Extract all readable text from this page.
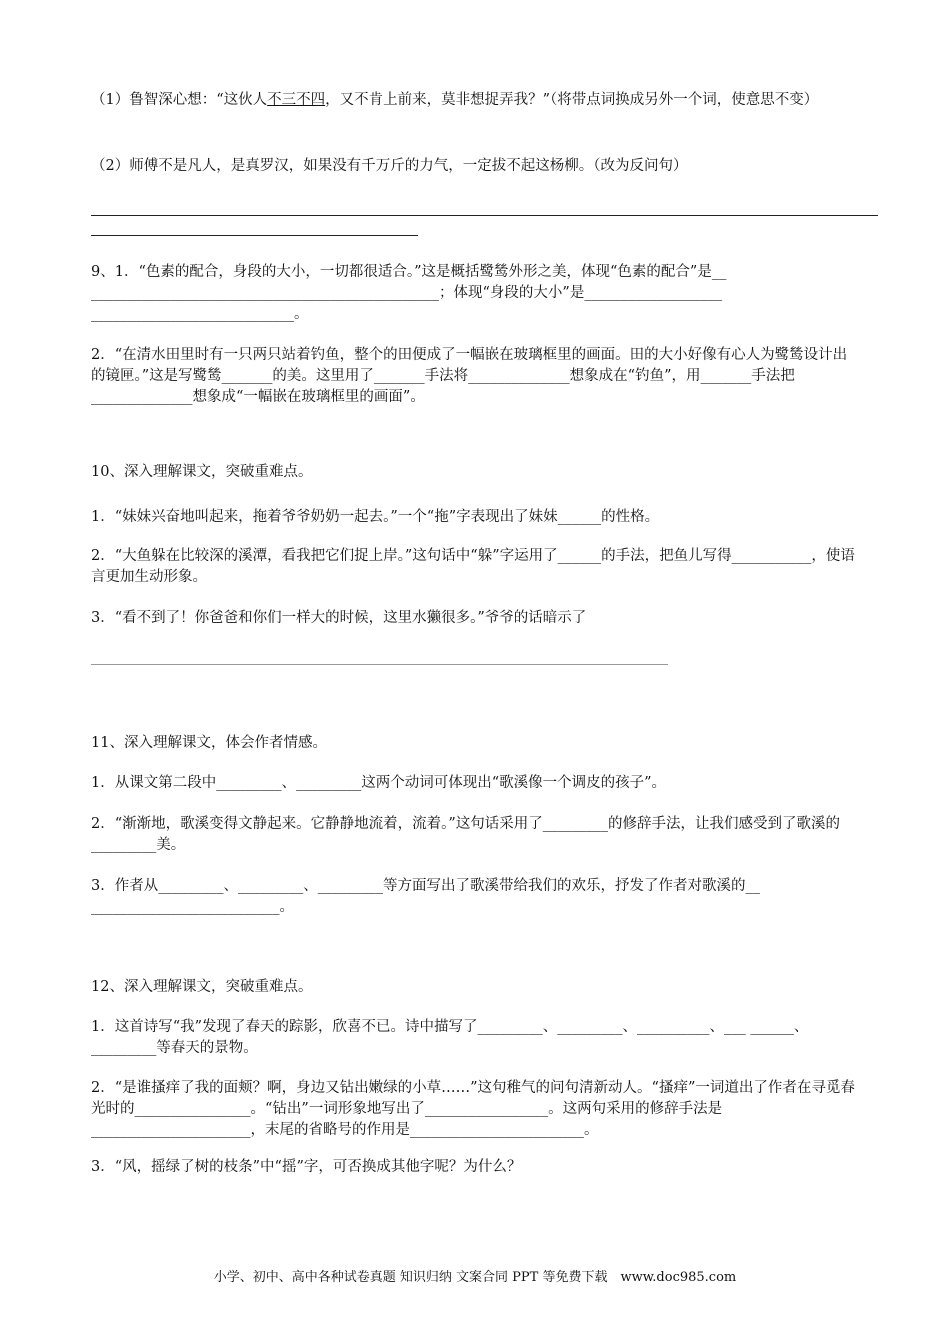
（1）鲁智深心想：“这伙人不三不四，又不肯上前来，莫非想捉弄我？”（将带点词换成另外一个词，使意思不变）

（2）师傅不是凡人，是真罗汉，如果没有千万斤的力气，一定拔不起这杨柳。（改为反问句）

9、1．“色素的配合，身段的大小，一切都很适合。”这是概括鹭鸶外形之美，体现“色素的配合”是__ ________________________________________________；体现“身段的大小”是___________________ ____________________________。

2．“在清水田里时有一只两只站着钓鱼，整个的田便成了一幅嵌在玻璃框里的画面。田的大小好像有心人为鹭鸶设计出的镜匣。”这是写鹭鸶_______的美。这里用了_______手法将______________想象成在“钓鱼”，用_______手法把______________想象成“一幅嵌在玻璃框里的画面”。

10、深入理解课文，突破重难点。

1．“妹妹兴奋地叫起来，拖着爷爷奶奶一起去。”一个“拖”字表现出了妹妹______的性格。

2．“大鱼躲在比较深的溪潭，看我把它们捉上岸。”这句话中“躲”字运用了______的手法，把鱼儿写得___________，使语言更加生动形象。

3．“看不到了！你爸爸和你们一样大的时候，这里水獭很多。”爷爷的话暗示了

11、深入理解课文，体会作者情感。

1．从课文第二段中_________、_________这两个动词可体现出“歌溪像一个调皮的孩子”。

2．“渐渐地，歌溪变得文静起来。它静静地流着，流着。”这句话采用了_________的修辞手法，让我们感受到了歌溪的_________美。

3．作者从_________、_________、_________等方面写出了歌溪带给我们的欢乐，抒发了作者对歌溪的__ __________________________。

12、深入理解课文，突破重难点。

1．这首诗写“我”发现了春天的踪影，欣喜不已。诗中描写了_________、_________、__________、___ ______、_________等春天的景物。

2．“是谁搔痒了我的面颊？啊，身边又钻出嫩绿的小草……”这句稚气的问句清新动人。“搔痒”一词道出了作者在寻觅春光时的________________。“钻出”一词形象地写出了_________________。这两句采用的修辞手法是______________________，末尾的省略号的作用是________________________。

3．“风，摇绿了树的枝条”中“摇”字，可否换成其他字呢？为什么？

小学、初中、高中各种试卷真题 知识归纳 文案合同 PPT 等免费下载　www.doc985.com
